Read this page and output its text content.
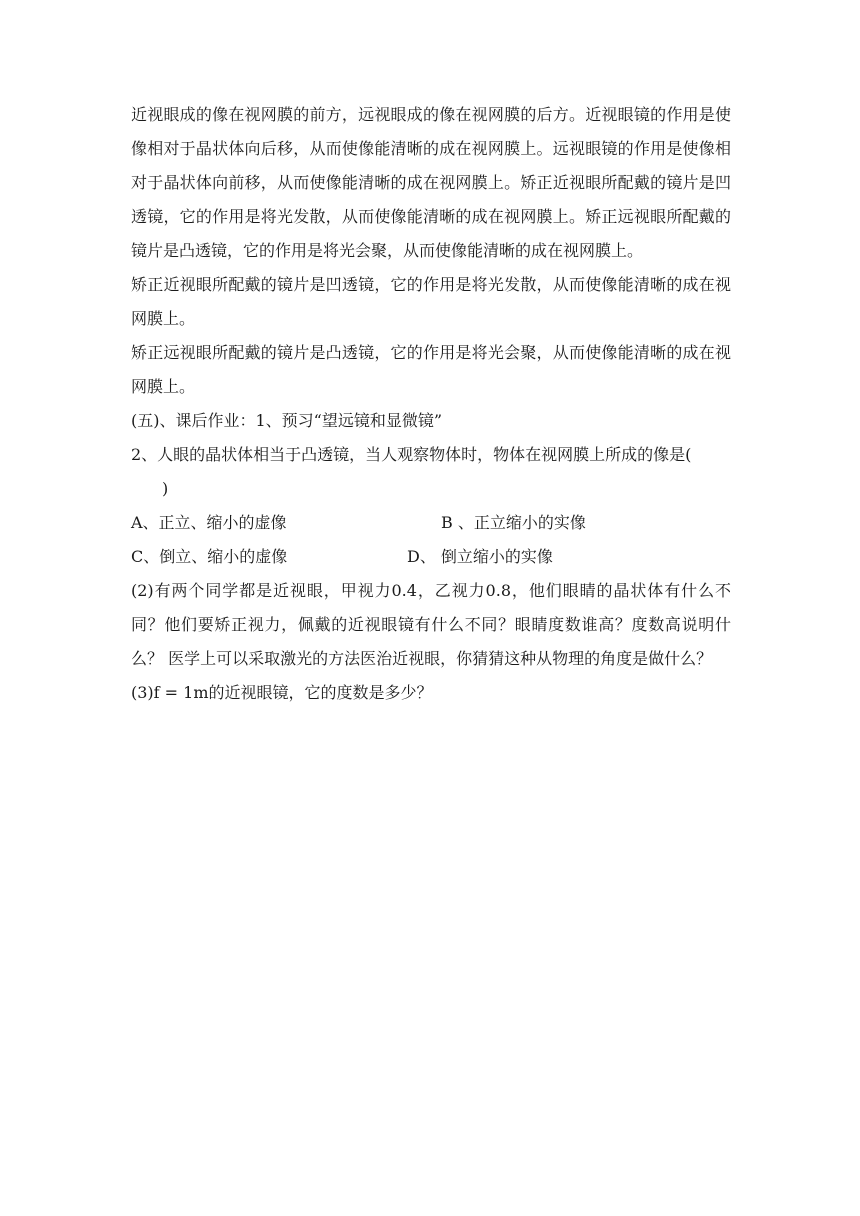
近视眼成的像在视网膜的前方，远视眼成的像在视网膜的后方。近视眼镜的作用是使像相对于晶状体向后移，从而使像能清晰的成在视网膜上。远视眼镜的作用是使像相对于晶状体向前移，从而使像能清晰的成在视网膜上。矫正近视眼所配戴的镜片是凹透镜，它的作用是将光发散，从而使像能清晰的成在视网膜上。矫正远视眼所配戴的镜片是凸透镜，它的作用是将光会聚，从而使像能清晰的成在视网膜上。

矫正近视眼所配戴的镜片是凹透镜，它的作用是将光发散，从而使像能清晰的成在视网膜上。

矫正远视眼所配戴的镜片是凸透镜，它的作用是将光会聚，从而使像能清晰的成在视网膜上。

(五)、课后作业：1、预习“望远镜和显微镜”

2、人眼的晶状体相当于凸透镜，当人观察物体时，物体在视网膜上所成的像是(

)

A、正立、缩小的虚像	B 、正立缩小的实像
C、倒立、缩小的虚像	D、 倒立缩小的实像

(2)有两个同学都是近视眼，甲视力0.4，乙视力0.8，他们眼睛的晶状体有什么不同？他们要矫正视力，佩戴的近视眼镜有什么不同？眼睛度数谁高？度数高说明什么？ 医学上可以采取激光的方法医治近视眼，你猜猜这种从物理的角度是做什么？

(3)f = 1m的近视眼镜，它的度数是多少？
